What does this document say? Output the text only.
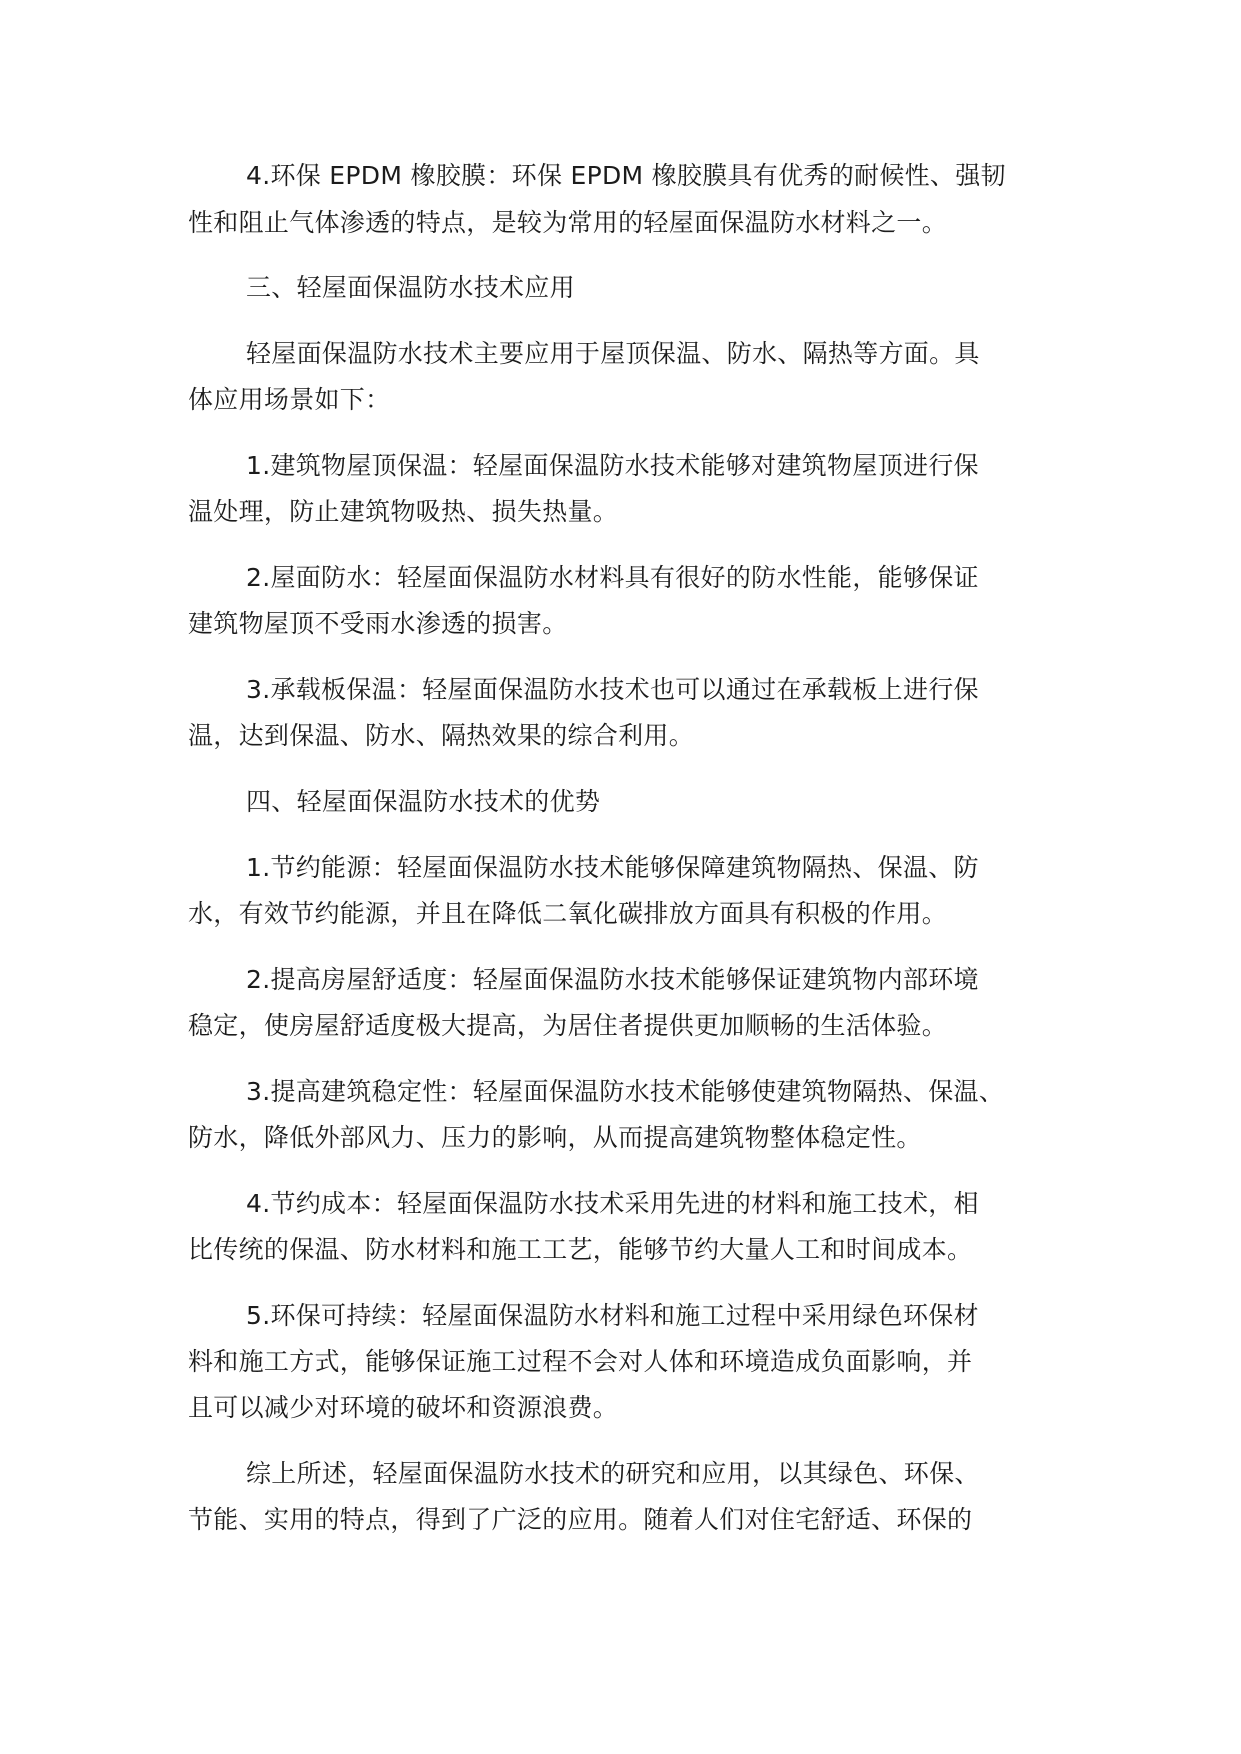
4.环保 EPDM 橡胶膜：环保 EPDM 橡胶膜具有优秀的耐候性、强韧
性和阻止气体渗透的特点，是较为常用的轻屋面保温防水材料之一。
三、轻屋面保温防水技术应用
轻屋面保温防水技术主要应用于屋顶保温、防水、隔热等方面。具
体应用场景如下：
1.建筑物屋顶保温：轻屋面保温防水技术能够对建筑物屋顶进行保
温处理，防止建筑物吸热、损失热量。
2.屋面防水：轻屋面保温防水材料具有很好的防水性能，能够保证
建筑物屋顶不受雨水渗透的损害。
3.承载板保温：轻屋面保温防水技术也可以通过在承载板上进行保
温，达到保温、防水、隔热效果的综合利用。
四、轻屋面保温防水技术的优势
1.节约能源：轻屋面保温防水技术能够保障建筑物隔热、保温、防
水，有效节约能源，并且在降低二氧化碳排放方面具有积极的作用。
2.提高房屋舒适度：轻屋面保温防水技术能够保证建筑物内部环境
稳定，使房屋舒适度极大提高，为居住者提供更加顺畅的生活体验。
3.提高建筑稳定性：轻屋面保温防水技术能够使建筑物隔热、保温、
防水，降低外部风力、压力的影响，从而提高建筑物整体稳定性。
4.节约成本：轻屋面保温防水技术采用先进的材料和施工技术，相
比传统的保温、防水材料和施工工艺，能够节约大量人工和时间成本。
5.环保可持续：轻屋面保温防水材料和施工过程中采用绿色环保材
料和施工方式，能够保证施工过程不会对人体和环境造成负面影响，并
且可以减少对环境的破坏和资源浪费。
综上所述，轻屋面保温防水技术的研究和应用，以其绿色、环保、
节能、实用的特点，得到了广泛的应用。随着人们对住宅舒适、环保的
